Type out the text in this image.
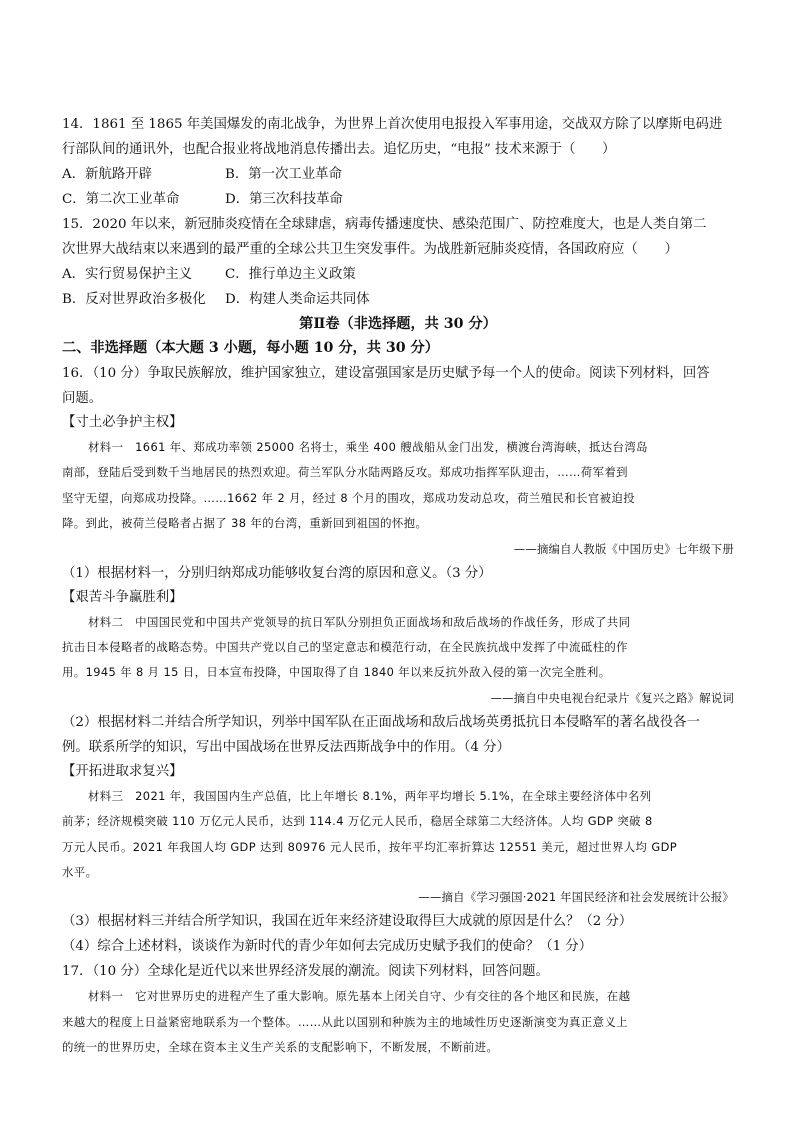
14．1861 至 1865 年美国爆发的南北战争，为世界上首次使用电报投入军事用途，交战双方除了以摩斯电码进
行部队间的通讯外，也配合报业将战地消息传播出去。追忆历史，“电报” 技术来源于（　　）
A．新航路开辟	B．第一次工业革命
C．第二次工业革命	D．第三次科技革命
15．2020 年以来，新冠肺炎疫情在全球肆虐，病毒传播速度快、感染范围广、防控难度大，也是人类自第二
次世界大战结束以来遇到的最严重的全球公共卫生突发事件。为战胜新冠肺炎疫情，各国政府应（　　）
A．实行贸易保护主义	C．推行单边主义政策
B．反对世界政治多极化	D．构建人类命运共同体
第Ⅱ卷（非选择题，共 30 分）
二、非选择题（本大题 3 小题，每小题 10 分，共 30 分）
16．（10 分）争取民族解放，维护国家独立，建设富强国家是历史赋予每一个人的使命。阅读下列材料，回答
问题。
【寸土必争护主权】

材料一　1661 年、郑成功率领 25000 名将士，乘坐 400 艘战船从金门出发，横渡台湾海峡，抵达台湾岛

南部，登陆后受到数千当地居民的热烈欢迎。荷兰军队分水陆两路反攻。郑成功指挥军队迎击，……荷军着到

坚守无望，向郑成功投降。……1662 年 2 月，经过 8 个月的围攻，郑成功发动总攻，荷兰殖民和长官被迫投

降。到此，被荷兰侵略者占据了 38 年的台湾，重新回到祖国的怀抱。

——摘编自人教版《中国历史》七年级下册
（1）根据材料一，分别归纳郑成功能够收复台湾的原因和意义。（3 分）
【艰苦斗争赢胜利】

材料二　中国国民党和中国共产党领导的抗日军队分别担负正面战场和敌后战场的作战任务，形成了共同

抗击日本侵略者的战略态势。中国共产党以自己的坚定意志和模范行动，在全民族抗战中发挥了中流砥柱的作

用。1945 年 8 月 15 日，日本宣布投降，中国取得了自 1840 年以来反抗外敌入侵的第一次完全胜利。

——摘自中央电视台纪录片《复兴之路》解说词
（2）根据材料二并结合所学知识，列举中国军队在正面战场和敌后战场英勇抵抗日本侵略军的著名战役各一
例。联系所学的知识，写出中国战场在世界反法西斯战争中的作用。（4 分）
【开拓进取求复兴】

材料三　2021 年，我国国内生产总值，比上年增长 8.1%，两年平均增长 5.1%，在全球主要经济体中名列

前茅；经济规模突破 110 万亿元人民币，达到 114.4 万亿元人民币，稳居全球第二大经济体。人均 GDP 突破 8

万元人民币。2021 年我国人均 GDP 达到 80976 元人民币，按年平均汇率折算达 12551 美元，超过世界人均 GDP

水平。

——摘自《学习强国·2021 年国民经济和社会发展统计公报》
（3）根据材料三并结合所学知识，我国在近年来经济建设取得巨大成就的原因是什么？（2 分）
（4）综合上述材料，谈谈作为新时代的青少年如何去完成历史赋予我们的使命？（1 分）
17．（10 分）全球化是近代以来世界经济发展的潮流。阅读下列材料，回答问题。

材料一　它对世界历史的进程产生了重大影响。原先基本上闭关自守、少有交往的各个地区和民族，在越

来越大的程度上日益紧密地联系为一个整体。……从此以国别和种族为主的地域性历史逐渐演变为真正意义上

的统一的世界历史，全球在资本主义生产关系的支配影响下，不断发展，不断前进。
